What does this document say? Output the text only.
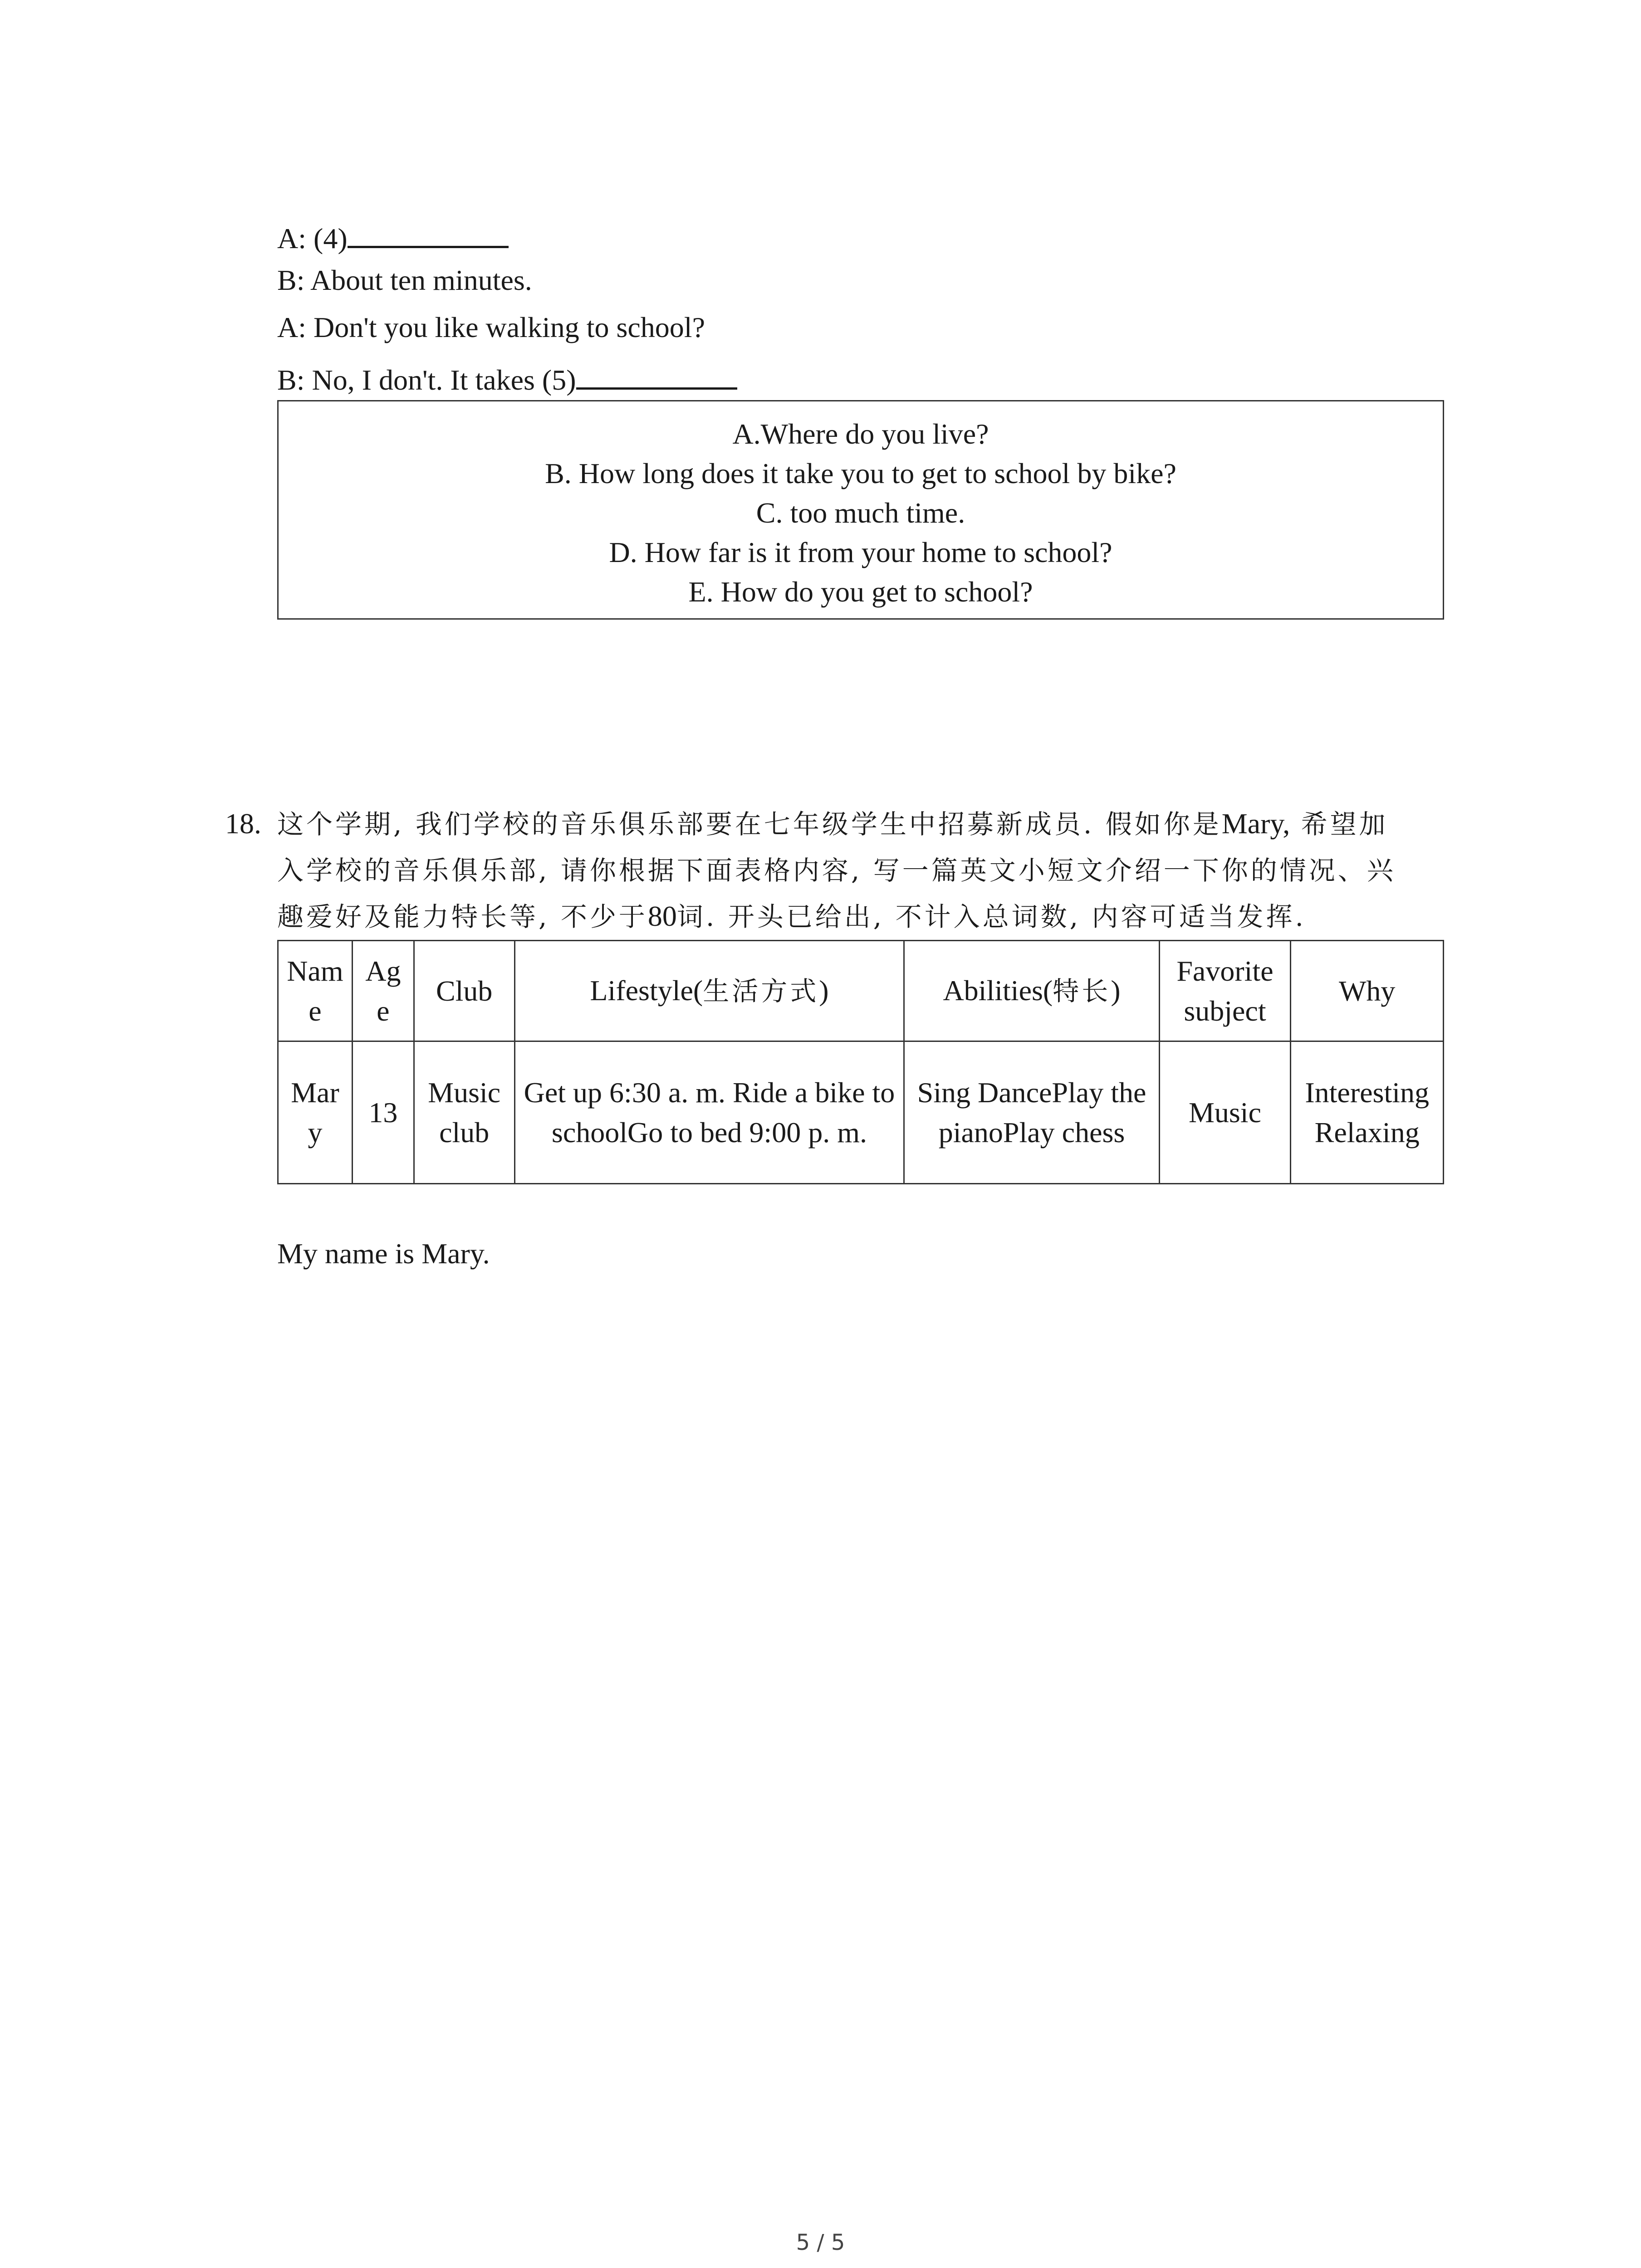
A: (4)
B: About ten minutes.
A: Don't you like walking to school?
B: No, I don't. It takes (5)
A.Where do you live?
B. How long does it take you to get to school by bike?
C. too much time.
D. How far is it from your home to school?
E. How do you get to school?
18. 这个学期, 我们学校的音乐俱乐部要在七年级学生中招募新成员. 假如你是Mary, 希望加
入学校的音乐俱乐部, 请你根据下面表格内容, 写一篇英文小短文介绍一下你的情况、兴
趣爱好及能力特长等, 不少于80词. 开头已给出, 不计入总词数, 内容可适当发挥.
Name	Age	Club	Lifestyle(生活方式)	Abilities(特长)	Favorite subject	Why
Mary	13	Music club	Get up 6:30 a. m. Ride a bike to schoolGo to bed 9:00 p. m.	Sing DancePlay the pianoPlay chess	Music	InterestingRelaxing
My name is Mary.
5 / 5
